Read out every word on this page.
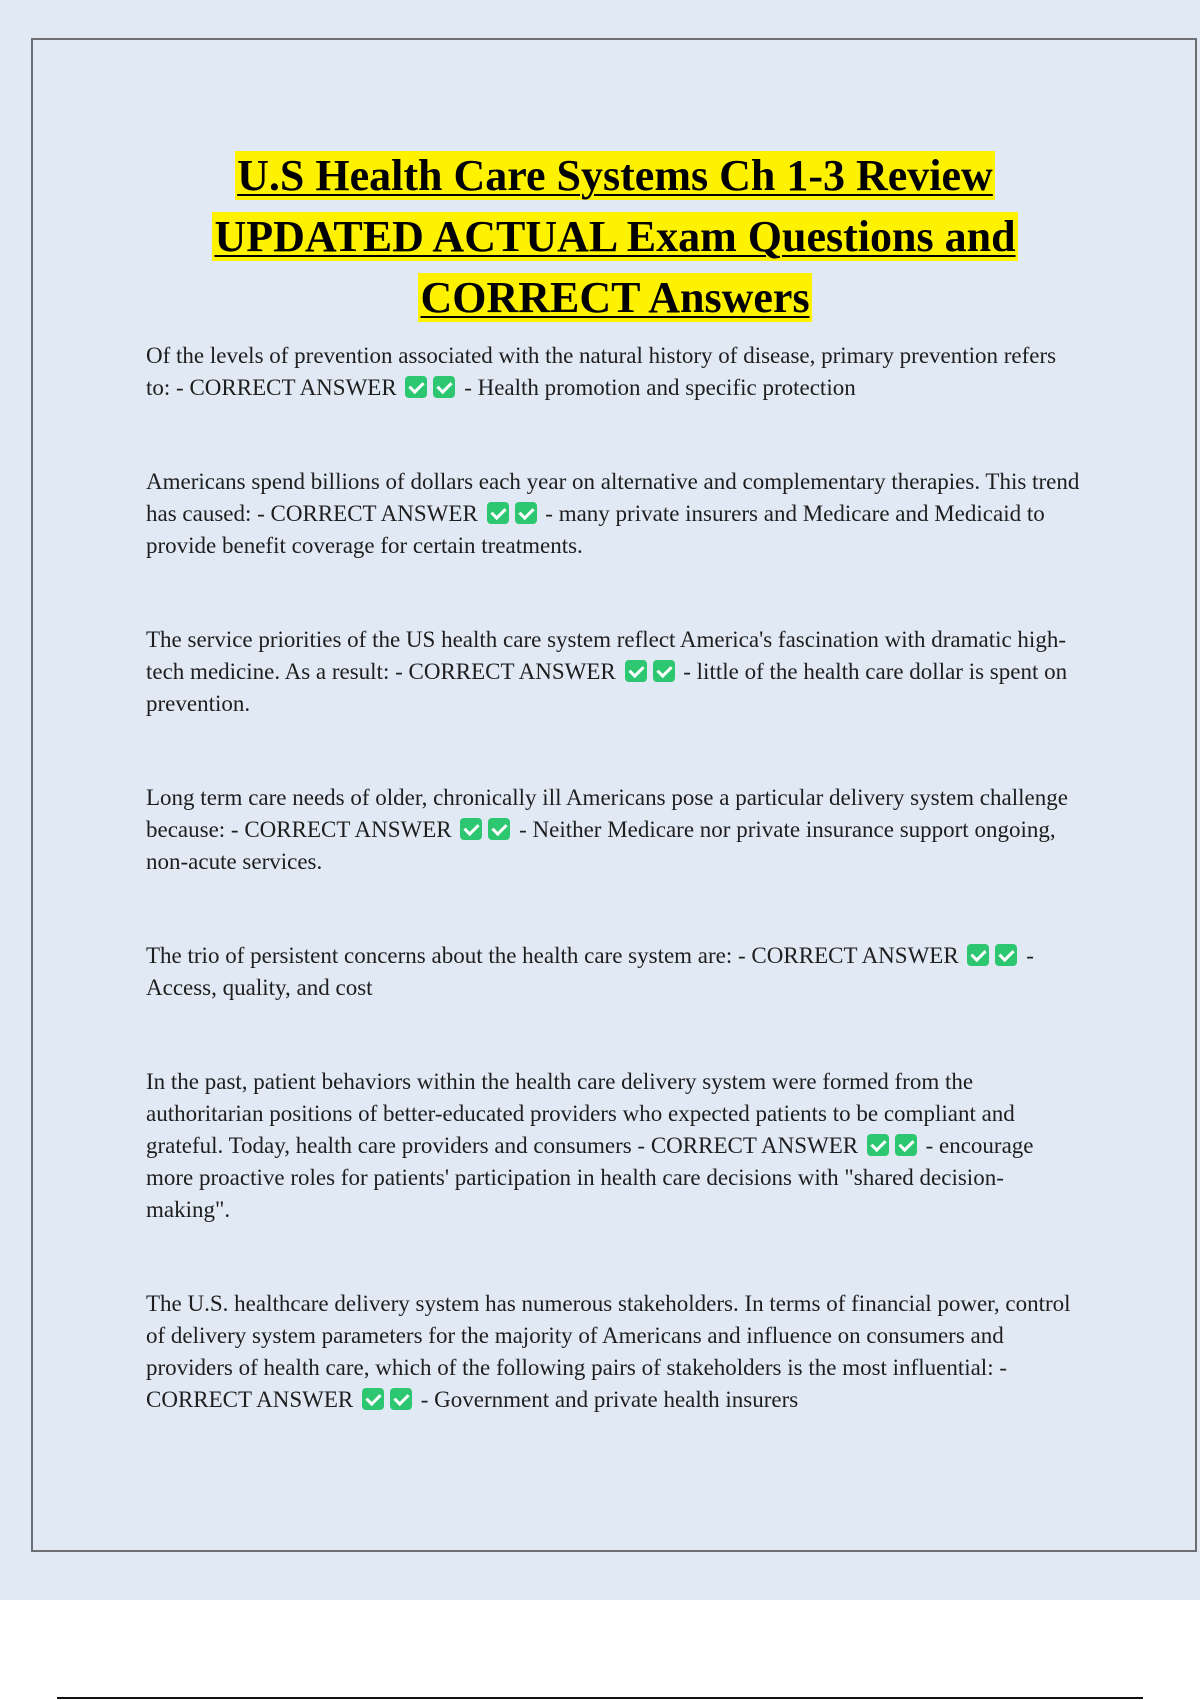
U.S Health Care Systems Ch 1-3 Review
UPDATED ACTUAL Exam Questions and
CORRECT Answers

Of the levels of prevention associated with the natural history of disease, primary prevention refers to: - CORRECT ANSWER	- Health promotion and specific protection

Americans spend billions of dollars each year on alternative and complementary therapies. This trend has caused: - CORRECT ANSWER	- many private insurers and Medicare and Medicaid to provide benefit coverage for certain treatments.

The service priorities of the US health care system reflect America's fascination with dramatic high-tech medicine. As a result: - CORRECT ANSWER	- little of the health care dollar is spent on prevention.

Long term care needs of older, chronically ill Americans pose a particular delivery system challenge because: - CORRECT ANSWER	- Neither Medicare nor private insurance support ongoing, non-acute services.

The trio of persistent concerns about the health care system are: - CORRECT ANSWER	- Access, quality, and cost

In the past, patient behaviors within the health care delivery system were formed from the authoritarian positions of better-educated providers who expected patients to be compliant and grateful. Today, health care providers and consumers - CORRECT ANSWER	- encourage more proactive roles for patients' participation in health care decisions with "shared decision-making".

The U.S. healthcare delivery system has numerous stakeholders. In terms of financial power, control of delivery system parameters for the majority of Americans and influence on consumers and providers of health care, which of the following pairs of stakeholders is the most influential: - CORRECT ANSWER	- Government and private health insurers
